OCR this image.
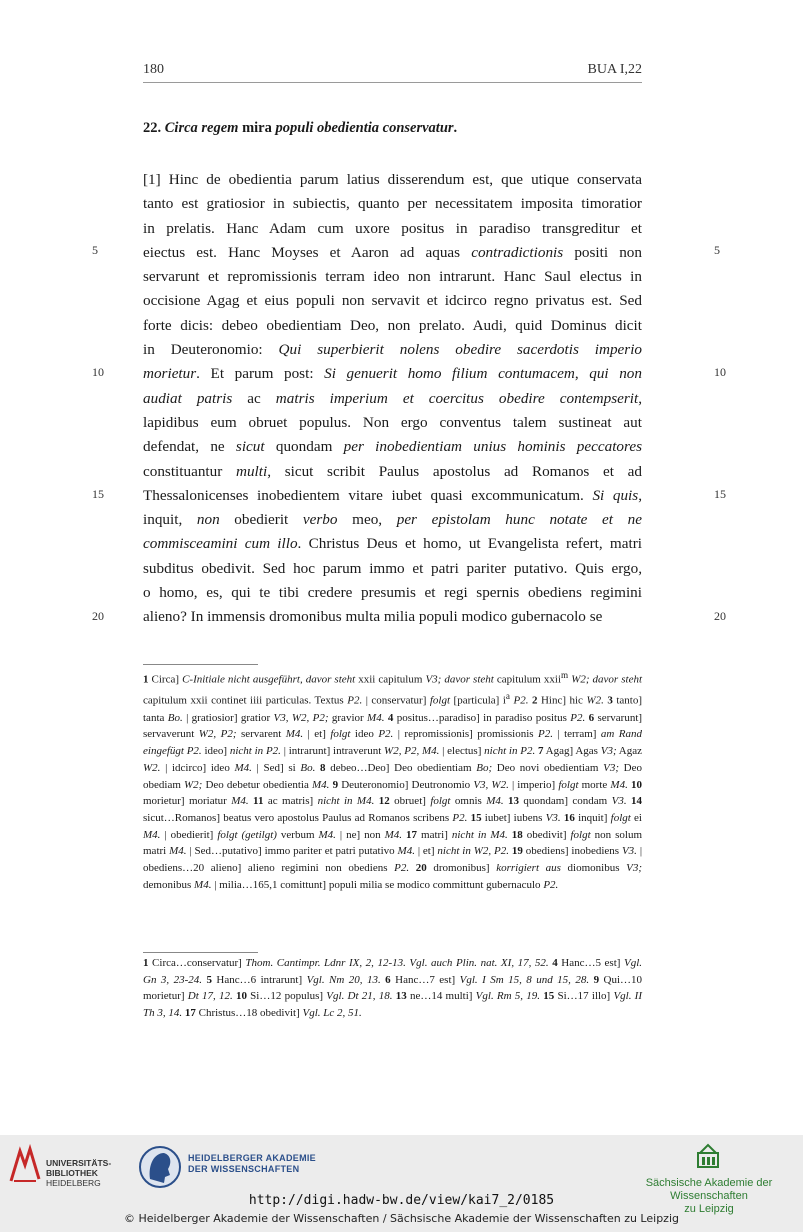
180	BUA I,22
22. Circa regem mira populi obedientia conservatur.
[1] Hinc de obedientia parum latius disserendum est, que utique conservata
tanto est gratiosior in subiectis, quanto per necessitatem imposita timoratior
in prelatis. Hanc Adam cum uxore positus in paradiso transgreditur et
eiectus est. Hanc Moyses et Aaron ad aquas contradictionis positi non
servarunt et repromissionis terram ideo non intrarunt. Hanc Saul electus in
occisione Agag et eius populi non servavit et idcirco regno privatus est. Sed
forte dicis: debeo obedientiam Deo, non prelato. Audi, quid Dominus dicit
in Deuteronomio: Qui superbierit nolens obedire sacerdotis imperio
morietur. Et parum post: Si genuerit homo filium contumacem, qui non
audiat patris ac matris imperium et coercitus obedire contempserit,
lapidibus eum obruet populus. Non ergo conventus talem sustineat aut
defendat, ne sicut quondam per inobedientiam unius hominis peccatores
constituantur multi, sicut scribit Paulus apostolus ad Romanos et ad
Thessalonicenses inobedientem vitare iubet quasi excommunicatum. Si quis,
inquit, non obedierit verbo meo, per epistolam hunc notate et ne
commisceamini cum illo. Christus Deus et homo, ut Evangelista refert, matri
subditus obedivit. Sed hoc parum immo et patri pariter putativo. Quis ergo,
o homo, es, qui te tibi credere presumis et regi spernis obediens regimini
alieno? In immensis dromonibus multa milia populi modico gubernacolo se
5	5
10	10
15	15
20	20
1 Circa] C-Initiale nicht ausgeführt, davor steht xxii capitulum V3; davor steht capitulum xxii$^m$ W2; davor steht capitulum xxii continet iiii particulas. Textus P2. | conservatur] folgt [particula] $i^a$ P2. 2 Hinc] hic W2. 3 tanto] tanta Bo. | gratiosior] gratior V3, W2, P2; gravior M4. 4 positus…paradiso] in paradiso positus P2. 6 servarunt] servaverunt W2, P2; servarent M4. | et] folgt ideo P2. | repromissionis] promissionis P2. | terram] am Rand eingefügt P2. ideo] nicht in P2. | intrarunt] intraverunt W2, P2, M4. | electus] nicht in P2. 7 Agag] Agas V3; Agaz W2. | idcirco] ideo M4. | Sed] si Bo. 8 debeo…Deo] Deo obedientiam Bo; Deo novi obedientiam V3; Deo obediam W2; Deo debetur obedientia M4. 9 Deuteronomio] Deutronomio V3, W2. | imperio] folgt morte M4. 10 morietur] moriatur M4. 11 ac matris] nicht in M4. 12 obruet] folgt omnis M4. 13 quondam] condam V3. 14 sicut…Romanos] beatus vero apostolus Paulus ad Romanos scribens P2. 15 iubet] iubens V3. 16 inquit] folgt ei M4. | obedierit] folgt (getilgt) verbum M4. | ne] non M4. 17 matri] nicht in M4. 18 obedivit] folgt non solum matri M4. | Sed…putativo] immo pariter et patri putativo M4. | et] nicht in W2, P2. 19 obediens] inobediens V3. | obediens…20 alieno] alieno regimini non obediens P2. 20 dromonibus] korrigiert aus diomonibus V3; demonibus M4. | milia…165,1 comittunt] populi milia se modico committunt gubernaculo P2.
1 Circa…conservatur] Thom. Cantimpr. Ldnr IX, 2, 12-13. Vgl. auch Plin. nat. XI, 17, 52. 4 Hanc…5 est] Vgl. Gn 3, 23-24. 5 Hanc…6 intrarunt] Vgl. Nm 20, 13. 6 Hanc…7 est] Vgl. I Sm 15, 8 und 15, 28. 9 Qui…10 morietur] Dt 17, 12. 10 Si…12 populus] Vgl. Dt 21, 18. 13 ne…14 multi] Vgl. Rm 5, 19. 15 Si…17 illo] Vgl. II Th 3, 14. 17 Christus…18 obedivit] Vgl. Lc 2, 51.
UNIVERSITÄTS-
BIBLIOTHEK
HEIDELBERG
HEIDELBERGER AKADEMIE
DER WISSENSCHAFTEN
Sächsische Akademie der Wissenschaften
zu Leipzig
http://digi.hadw-bw.de/view/kai7_2/0185
© Heidelberger Akademie der Wissenschaften / Sächsische Akademie der Wissenschaften zu Leipzig
